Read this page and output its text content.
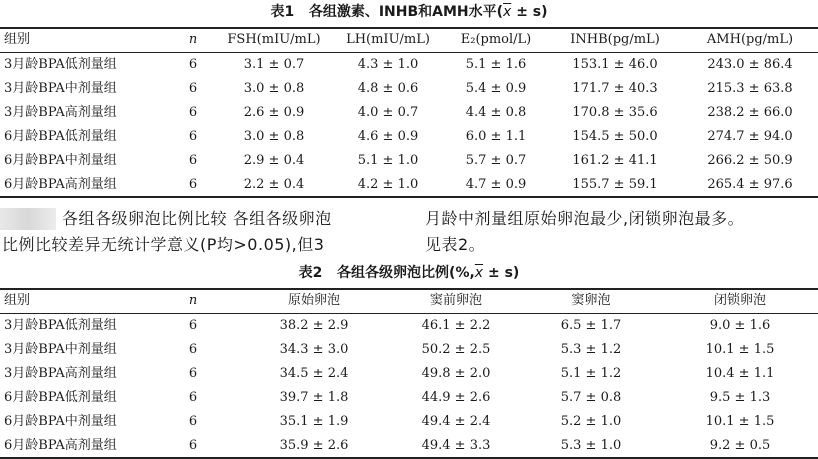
表1 各组激素、INHB和AMH水平$(\overline{x} \pm s)$
组别	n	FSH(mIU/mL)	LH(mIU/mL)	E₂(pmol/L)	INHB(pg/mL)	AMH(pg/mL)
3月龄BPA低剂量组	6	3.1 ± 0.7	4.3 ± 1.0	5.1 ± 1.6	153.1 ± 46.0	243.0 ± 86.4
3月龄BPA中剂量组	6	3.0 ± 0.8	4.8 ± 0.6	5.4 ± 0.9	171.7 ± 40.3	215.3 ± 63.8
3月龄BPA高剂量组	6	2.6 ± 0.9	4.0 ± 0.7	4.4 ± 0.8	170.8 ± 35.6	238.2 ± 66.0
6月龄BPA低剂量组	6	3.0 ± 0.8	4.6 ± 0.9	6.0 ± 1.1	154.5 ± 50.0	274.7 ± 94.0
6月龄BPA中剂量组	6	2.9 ± 0.4	5.1 ± 1.0	5.7 ± 0.7	161.2 ± 41.1	266.2 ± 50.9
6月龄BPA高剂量组	6	2.2 ± 0.4	4.2 ± 1.0	4.7 ± 0.9	155.7 ± 59.1	265.4 ± 97.6
各组各级卵泡比例比较 各组各级卵泡
比例比较差异无统计学意义(P均>0.05),但3
月龄中剂量组原始卵泡最少,闭锁卵泡最多。
见表2。
表2 各组各级卵泡比例$(\%,\overline{x} \pm s)$
组别	n	原始卵泡	窦前卵泡	窦卵泡	闭锁卵泡
3月龄BPA低剂量组	6	38.2 ± 2.9	46.1 ± 2.2	6.5 ± 1.7	9.0 ± 1.6
3月龄BPA中剂量组	6	34.3 ± 3.0	50.2 ± 2.5	5.3 ± 1.2	10.1 ± 1.5
3月龄BPA高剂量组	6	34.5 ± 2.4	49.8 ± 2.0	5.1 ± 1.2	10.4 ± 1.1
6月龄BPA低剂量组	6	39.7 ± 1.8	44.9 ± 2.6	5.7 ± 0.8	9.5 ± 1.3
6月龄BPA中剂量组	6	35.1 ± 1.9	49.4 ± 2.4	5.2 ± 1.0	10.1 ± 1.5
6月龄BPA高剂量组	6	35.9 ± 2.6	49.4 ± 3.3	5.3 ± 1.0	9.2 ± 0.5
